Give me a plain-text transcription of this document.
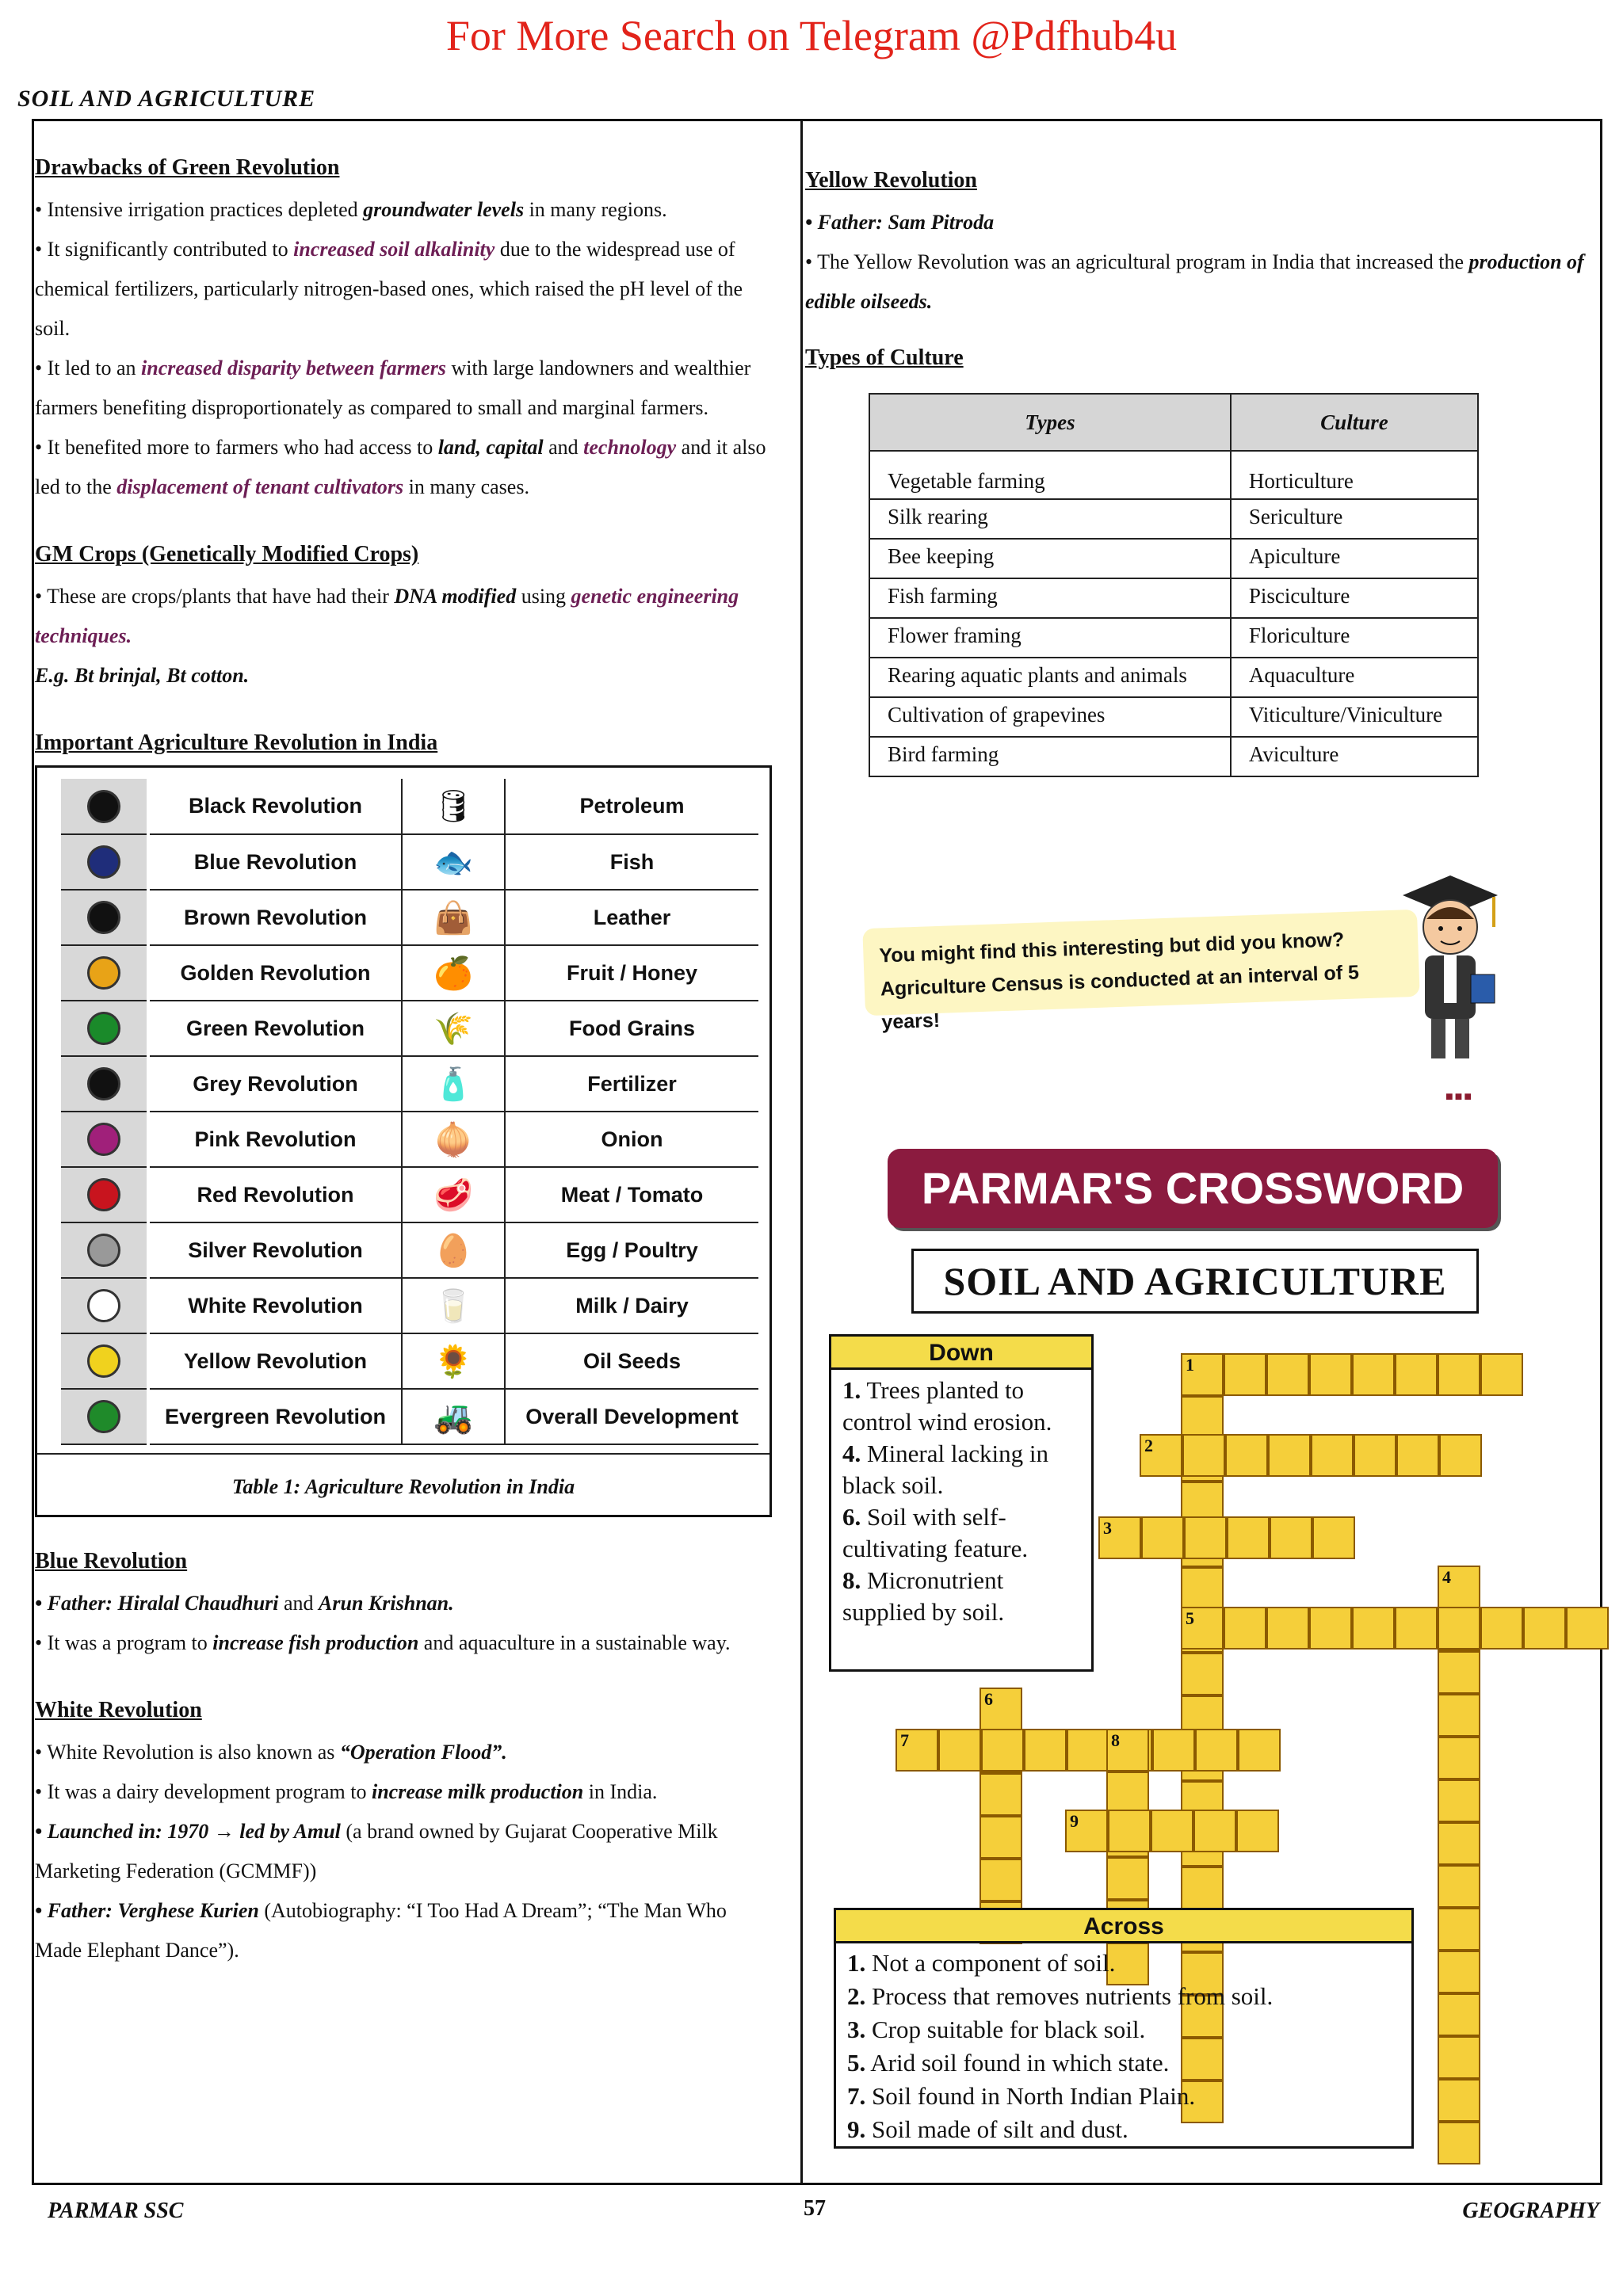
For More Search on Telegram @Pdfhub4u
SOIL AND AGRICULTURE
Drawbacks of Green Revolution
• Intensive irrigation practices depleted groundwater levels in many regions.
• It significantly contributed to increased soil alkalinity due to the widespread use of chemical fertilizers, particularly nitrogen-based ones, which raised the pH level of the soil.
• It led to an increased disparity between farmers with large landowners and wealthier farmers benefiting disproportionately as compared to small and marginal farmers.
• It benefited more to farmers who had access to land, capital and technology and it also led to the displacement of tenant cultivators in many cases.
GM Crops (Genetically Modified Crops)
• These are crops/plants that have had their DNA modified using genetic engineering techniques.
E.g. Bt brinjal, Bt cotton.
Important Agriculture Revolution in India
	Black Revolution	🛢	Petroleum
	Blue Revolution	🐟	Fish
	Brown Revolution	👜	Leather
	Golden Revolution	🍊	Fruit / Honey
	Green Revolution	🌾	Food Grains
	Grey Revolution	🧴	Fertilizer
	Pink Revolution	🧅	Onion
	Red Revolution	🥩	Meat / Tomato
	Silver Revolution	🥚	Egg / Poultry
	White Revolution	🥛	Milk / Dairy
	Yellow Revolution	🌻	Oil Seeds
	Evergreen Revolution	🚜	Overall Development
Table 1: Agriculture Revolution in India
Blue Revolution
• Father: Hiralal Chaudhuri and Arun Krishnan.
• It was a program to increase fish production and aquaculture in a sustainable way.
White Revolution
• White Revolution is also known as “Operation Flood”.
• It was a dairy development program to increase milk production in India.
• Launched in: 1970 → led by Amul (a brand owned by Gujarat Cooperative Milk Marketing Federation (GCMMF))
• Father: Verghese Kurien (Autobiography: “I Too Had A Dream”; “The Man Who Made Elephant Dance”).
Yellow Revolution
• Father: Sam Pitroda
• The Yellow Revolution was an agricultural program in India that increased the production of edible oilseeds.
Types of Culture
Types	Culture
Vegetable farming	Horticulture
Silk rearing	Sericulture
Bee keeping	Apiculture
Fish farming	Pisciculture
Flower framing	Floriculture
Rearing aquatic plants and animals	Aquaculture
Cultivation of grapevines	Viticulture/Viniculture
Bird farming	Aviculture
You might find this interesting but did you know?
Agriculture Census is conducted at an interval of 5 years!
■■■
PARMAR'S CROSSWORD
SOIL AND AGRICULTURE
Down
1. Trees planted to control wind erosion.
4. Mineral lacking in black soil.
6. Soil with self-cultivating feature.
8. Micronutrient supplied by soil.
1
2
3
4
5
6
7	8
9
Across
1. Not a component of soil.
2. Process that removes nutrients from soil.
3. Crop suitable for black soil.
5. Arid soil found in which state.
7. Soil found in North Indian Plain.
9. Soil made of silt and dust.
PARMAR SSC	57	GEOGRAPHY
